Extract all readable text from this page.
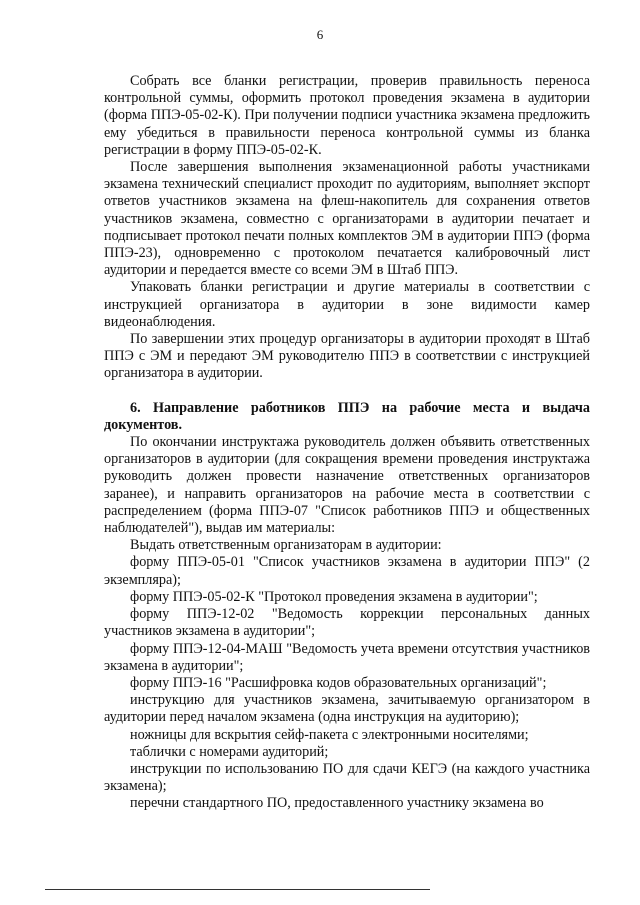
6

Собрать все бланки регистрации, проверив правильность переноса контрольной суммы, оформить протокол проведения экзамена в аудитории (форма ППЭ-05-02-К). При получении подписи участника экзамена предложить ему убедиться в правильности переноса контрольной суммы из бланка регистрации в форму ППЭ-05-02-К.

После завершения выполнения экзаменационной работы участниками экзамена технический специалист проходит по аудиториям, выполняет экспорт ответов участников экзамена на флеш-накопитель для сохранения ответов участников экзамена, совместно с организаторами в аудитории печатает и подписывает протокол печати полных комплектов ЭМ в аудитории ППЭ (форма ППЭ-23), одновременно с протоколом печатается калибровочный лист аудитории и передается вместе со всеми ЭМ в Штаб ППЭ.

Упаковать бланки регистрации и другие материалы в соответствии с инструкцией организатора в аудитории в зоне видимости камер видеонаблюдения.

По завершении этих процедур организаторы в аудитории проходят в Штаб ППЭ с ЭМ и передают ЭМ руководителю ППЭ в соответствии с инструкцией организатора в аудитории.

6. Направление работников ППЭ на рабочие места и выдача документов.

По окончании инструктажа руководитель должен объявить ответственных организаторов в аудитории (для сокращения времени проведения инструктажа руководить должен провести назначение ответственных организаторов заранее), и направить организаторов на рабочие места в соответствии с распределением (форма ППЭ-07 "Список работников ППЭ и общественных наблюдателей"), выдав им материалы:

Выдать ответственным организаторам в аудитории:

форму ППЭ-05-01 "Список участников экзамена в аудитории ППЭ" (2 экземпляра);

форму ППЭ-05-02-К "Протокол проведения экзамена в аудитории";

форму ППЭ-12-02 "Ведомость коррекции персональных данных участников экзамена в аудитории";

форму ППЭ-12-04-МАШ "Ведомость учета времени отсутствия участников экзамена в аудитории";

форму ППЭ-16 "Расшифровка кодов образовательных организаций";

инструкцию для участников экзамена, зачитываемую организатором в аудитории перед началом экзамена (одна инструкция на аудиторию);

ножницы для вскрытия сейф-пакета с электронными носителями;

таблички с номерами аудиторий;

инструкции по использованию ПО для сдачи КЕГЭ (на каждого участника экзамена);

перечни стандартного ПО, предоставленного участнику экзамена во
